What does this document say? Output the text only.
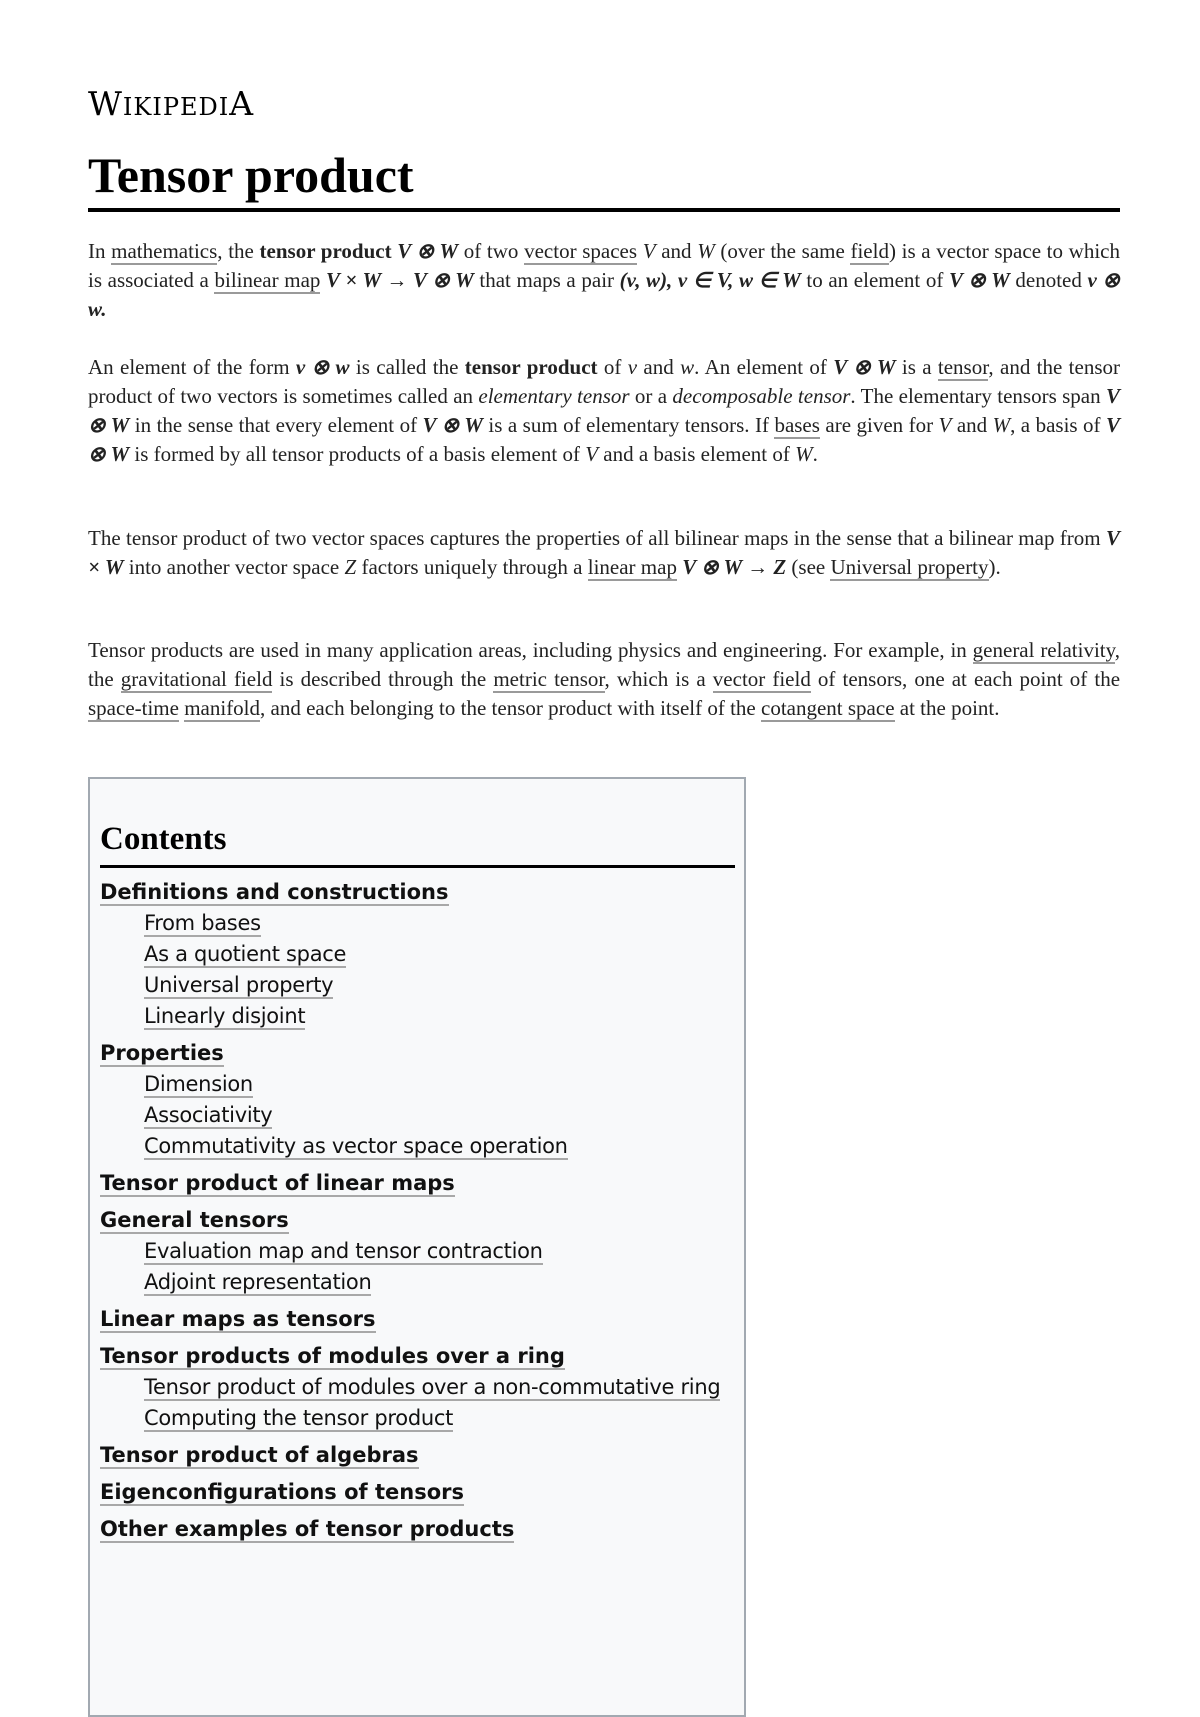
WIKIPEDIA
Tensor product

In mathematics, the tensor product V ⊗ W of two vector spaces V and W (over the same field) is a vector space to which is associated a bilinear map V × W → V ⊗ W that maps a pair (v, w), v ∈ V, w ∈ W to an element of V ⊗ W denoted v ⊗ w.

An element of the form v ⊗ w is called the tensor product of v and w. An element of V ⊗ W is a tensor, and the tensor product of two vectors is sometimes called an elementary tensor or a decomposable tensor. The elementary tensors span V ⊗ W in the sense that every element of V ⊗ W is a sum of elementary tensors. If bases are given for V and W, a basis of V ⊗ W is formed by all tensor products of a basis element of V and a basis element of W.

The tensor product of two vector spaces captures the properties of all bilinear maps in the sense that a bilinear map from V × W into another vector space Z factors uniquely through a linear map V ⊗ W → Z (see Universal property).

Tensor products are used in many application areas, including physics and engineering. For example, in general relativity, the gravitational field is described through the metric tensor, which is a vector field of tensors, one at each point of the space-time manifold, and each belonging to the tensor product with itself of the cotangent space at the point.

Contents
Definitions and constructions
From bases
As a quotient space
Universal property
Linearly disjoint
Properties
Dimension
Associativity
Commutativity as vector space operation
Tensor product of linear maps
General tensors
Evaluation map and tensor contraction
Adjoint representation
Linear maps as tensors
Tensor products of modules over a ring
Tensor product of modules over a non-commutative ring
Computing the tensor product
Tensor product of algebras
Eigenconfigurations of tensors
Other examples of tensor products
